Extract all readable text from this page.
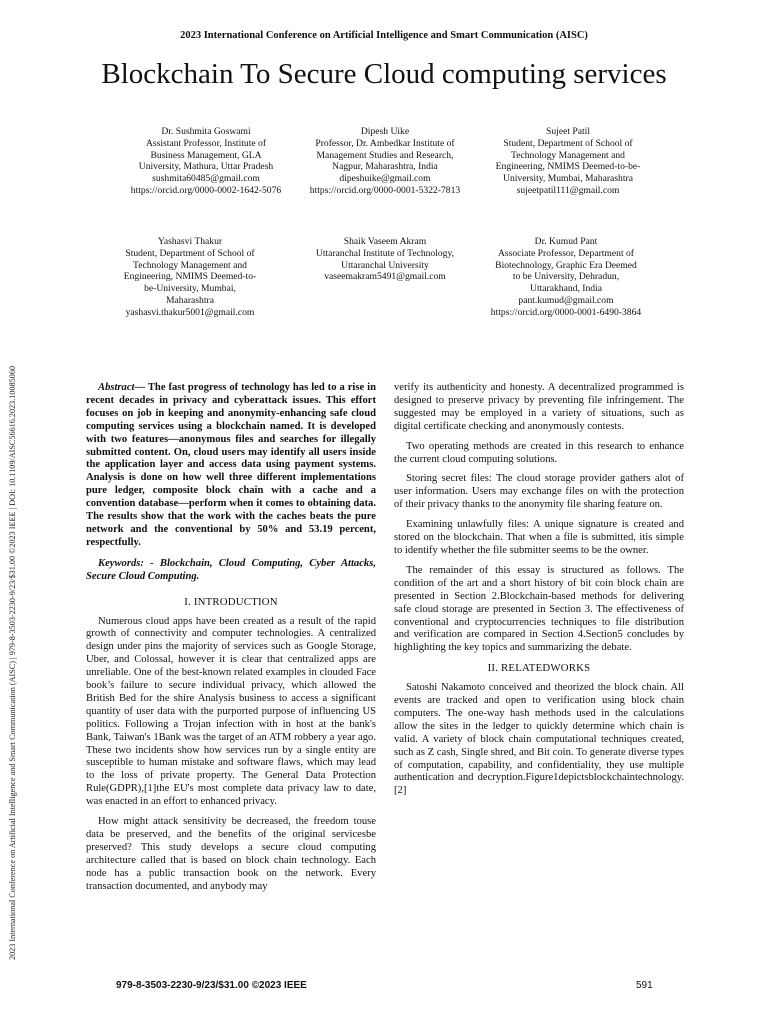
2023 International Conference on Artificial Intelligence and Smart Communication (AISC)
Blockchain To Secure Cloud computing services
2023 International Conference on Artificial Intelligence and Smart Communication (AISC) | 979-8-3503-2230-9/23/$31.00 ©2023 IEEE | DOI: 10.1109/AISC56616.2023.10085060
Dr. Sushmita Goswami
Assistant Professor, Institute of
Business Management, GLA
University, Mathura, Uttar Pradesh
sushmita60485@gmail.com
https://orcid.org/0000-0002-1642-5076
Dipesh Uike
Professor, Dr. Ambedkar Institute of
Management Studies and Research,
Nagpur, Maharashtra, India
dipeshuike@gmail.com
https://orcid.org/0000-0001-5322-7813
Sujeet Patil
Student, Department of School of
Technology Management and
Engineering, NMIMS Deemed-to-be-
University, Mumbai, Maharashtra
sujeetpatil111@gmail.com
Yashasvi Thakur
Student, Department of School of
Technology Management and
Engineering, NMIMS Deemed-to-
be-University, Mumbai,
Maharashtra
yashasvi.thakur5001@gmail.com
Shaik Vaseem Akram
Uttaranchal Institute of Technology,
Uttaranchal University
vaseemakram5491@gmail.com
Dr. Kumud Pant
Associate Professor, Department of
Biotechnology, Graphic Era Deemed
to be University, Dehradun,
Uttarakhand, India
pant.kumud@gmail.com
https://orcid.org/0000-0001-6490-3864

Abstract— The fast progress of technology has led to a rise in recent decades in privacy and cyberattack issues. This effort focuses on job in keeping and anonymity-enhancing safe cloud computing services using a blockchain named. It is developed with two features—anonymous files and searches for illegally submitted content. On, cloud users may identify all users inside the application layer and access data using payment systems. Analysis is done on how well three different implementations pure ledger, composite block chain with a cache and a convention database—perform when it comes to obtaining data. The results show that the work with the caches beats the pure network and the conventional by 50% and 53.19 percent, respectfully.

Keywords: - Blockchain, Cloud Computing, Cyber Attacks, Secure Cloud Computing.

I. INTRODUCTION

Numerous cloud apps have been created as a result of the rapid growth of connectivity and computer technologies. A centralized design under pins the majority of services such as Google Storage, Uber, and Colossal, however it is clear that centralized apps are unreliable. One of the best-known related examples in clouded Face book’s failure to secure individual privacy, which allowed the British Bed for the shire Analysis business to access a significant quantity of user data with the purported purpose of influencing US politics. Following a Trojan infection with in host at the bank's Bank, Taiwan's 1Bank was the target of an ATM robbery a year ago. These two incidents show how services run by a single entity are susceptible to human mistake and software flaws, which may lead to the loss of private property. The General Data Protection Rule(GDPR),[1]the EU's most complete data privacy law to date, was enacted in an effort to enhanced privacy.

How might attack sensitivity be decreased, the freedom touse data be preserved, and the benefits of the original servicesbe preserved? This study develops a secure cloud computing architecture called that is based on block chain technology. Each node has a public transaction book on the network. Every transaction documented, and anybody may

verify its authenticity and honesty. A decentralized programmed is designed to preserve privacy by preventing file infringement. The suggested may be employed in a variety of situations, such as digital certificate checking and anonymously contests.

Two operating methods are created in this research to enhance the current cloud computing solutions.

Storing secret files: The cloud storage provider gathers alot of user information. Users may exchange files on with the protection of their privacy thanks to the anonymity file sharing feature on.

Examining unlawfully files: A unique signature is created and stored on the blockchain. That when a file is submitted, itis simple to identify whether the file submitter seems to be the owner.

The remainder of this essay is structured as follows. The condition of the art and a short history of bit coin block chain are presented in Section 2.Blockchain-based methods for delivering safe cloud storage are presented in Section 3. The effectiveness of conventional and cryptocurrencies techniques to file distribution and verification are compared in Section 4.Section5 concludes by highlighting the key topics and summarizing the debate.

II. RELATEDWORKS

Satoshi Nakamoto conceived and theorized the block chain. All events are tracked and open to verification using block chain computers. The one-way hash methods used in the calculations allow the sites in the ledger to quickly determine which chain is valid. A variety of block chain computational techniques created, such as Z cash, Single shred, and Bit coin. To generate diverse types of computation, capability, and confidentiality, they use multiple authentication and decryption.Figure1depictsblockchaintechnology. [2]

979-8-3503-2230-9/23/$31.00 ©2023 IEEE	591
